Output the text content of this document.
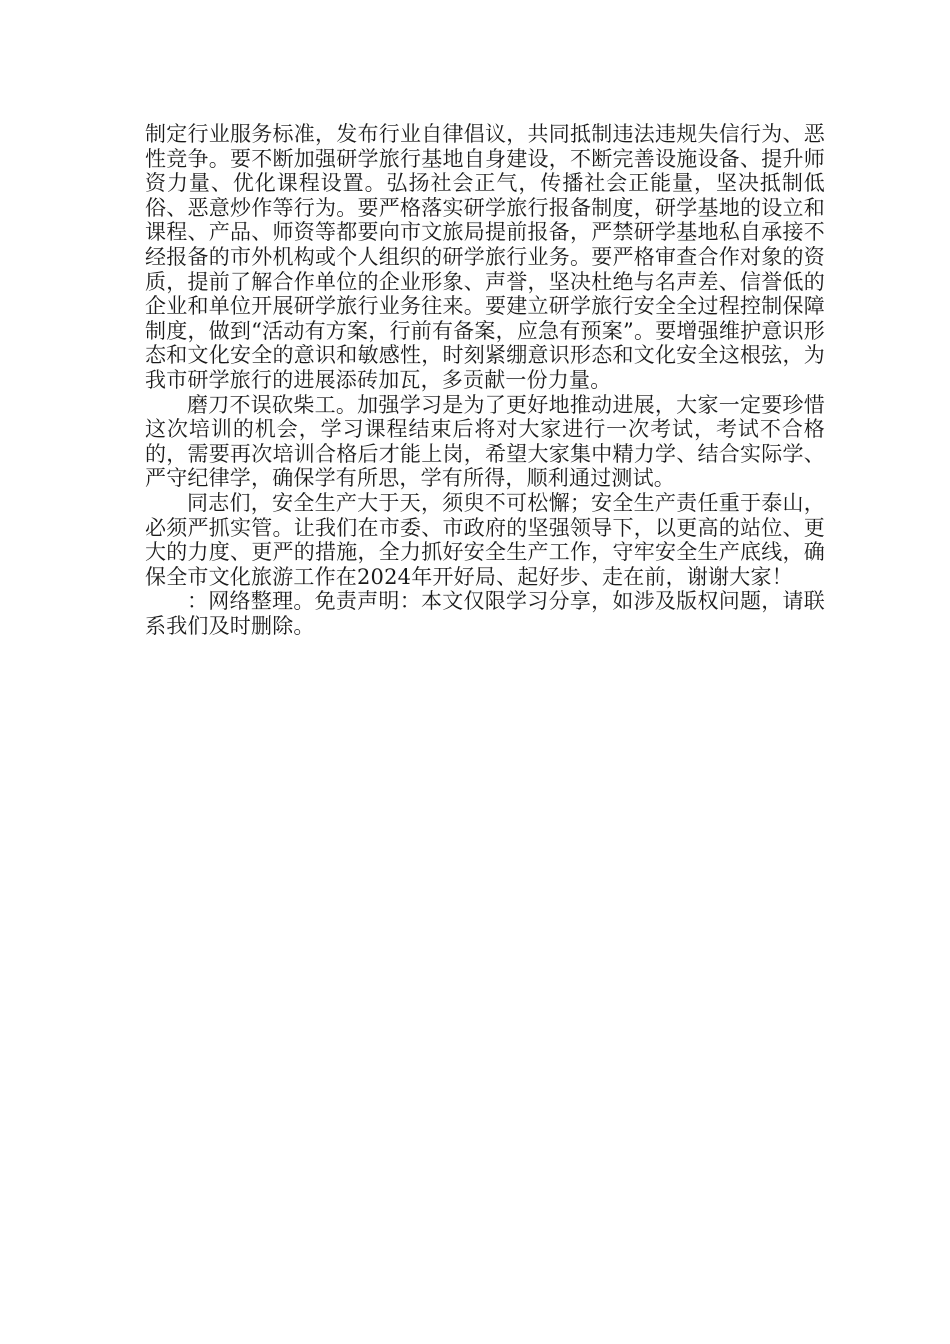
制定行业服务标准，发布行业自律倡议，共同抵制违法违规失信行为、恶性竞争。要不断加强研学旅行基地自身建设，不断完善设施设备、提升师资力量、优化课程设置。弘扬社会正气，传播社会正能量，坚决抵制低俗、恶意炒作等行为。要严格落实研学旅行报备制度，研学基地的设立和课程、产品、师资等都要向市文旅局提前报备，严禁研学基地私自承接不经报备的市外机构或个人组织的研学旅行业务。要严格审查合作对象的资质，提前了解合作单位的企业形象、声誉，坚决杜绝与名声差、信誉低的企业和单位开展研学旅行业务往来。要建立研学旅行安全全过程控制保障制度，做到“活动有方案，行前有备案，应急有预案”。要增强维护意识形态和文化安全的意识和敏感性，时刻紧绷意识形态和文化安全这根弦，为我市研学旅行的进展添砖加瓦，多贡献一份力量。

磨刀不误砍柴工。加强学习是为了更好地推动进展，大家一定要珍惜这次培训的机会，学习课程结束后将对大家进行一次考试，考试不合格的，需要再次培训合格后才能上岗，希望大家集中精力学、结合实际学、严守纪律学，确保学有所思，学有所得，顺利通过测试。

同志们，安全生产大于天，须臾不可松懈；安全生产责任重于泰山，必须严抓实管。让我们在市委、市政府的坚强领导下，以更高的站位、更大的力度、更严的措施，全力抓好安全生产工作，守牢安全生产底线，确保全市文化旅游工作在2024年开好局、起好步、走在前，谢谢大家！

：网络整理。免责声明：本文仅限学习分享，如涉及版权问题，请联系我们及时删除。
